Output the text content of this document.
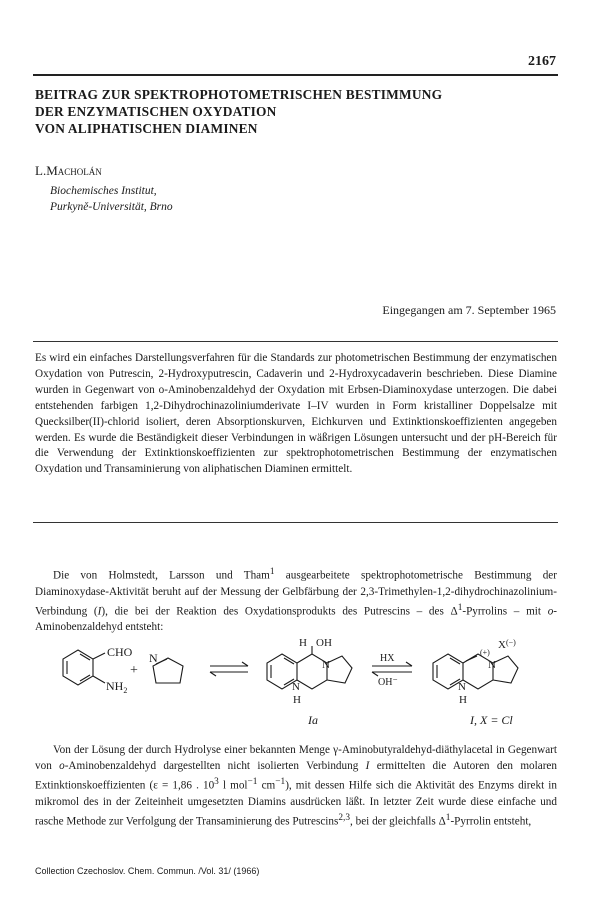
2167
BEITRAG ZUR SPEKTROPHOTOMETRISCHEN BESTIMMUNG
DER ENZYMATISCHEN OXYDATION
VON ALIPHATISCHEN DIAMINEN
L.Macholán
Biochemisches Institut,
Purkyně-Universität, Brno
Eingegangen am 7. September 1965
Es wird ein einfaches Darstellungsverfahren für die Standards zur photometrischen Bestimmung der enzymatischen Oxydation von Putrescin, 2-Hydroxyputrescin, Cadaverin und 2-Hydroxycadaverin beschrieben. Diese Diamine wurden in Gegenwart von o-Aminobenzaldehyd der Oxydation mit Erbsen-Diaminoxydase unterzogen. Die dabei entstehenden farbigen 1,2-Dihydrochinazoliniumderivate I–IV wurden in Form kristalliner Doppelsalze mit Quecksilber(II)-chlorid isoliert, deren Absorptionskurven, Eichkurven und Extinktionskoeffizienten angegeben werden. Es wurde die Beständigkeit dieser Verbindungen in wäßrigen Lösungen untersucht und der pH-Bereich für die Verwendung der Extinktionskoeffizienten zur spektrophotometrischen Bestimmung der enzymatischen Oxydation und Transaminierung von aliphatischen Diaminen ermittelt.
Die von Holmstedt, Larsson und Tham$^1$ ausgearbeitete spektrophotometrische Bestimmung der Diaminoxydase-Aktivität beruht auf der Messung der Gelbfärbung der 2,3-Trimethylen-1,2-dihydrochinazolinium-Verbindung (I), die bei der Reaktion des Oxydationsprodukts des Putrescins – des $\Delta^1$-Pyrrolins – mit o-Aminobenzaldehyd entsteht:
CHO
$NH_2$
+
N
H OH
N
N
H
HX
OH⁻
N
(+)
X(−)
N
H
Ia	I, X = Cl
Von der Lösung der durch Hydrolyse einer bekannten Menge γ-Aminobutyraldehyd-diäthylacetal in Gegenwart von o-Aminobenzaldehyd dargestellten nicht isolierten Verbindung I ermittelten die Autoren den molaren Extinktionskoeffizienten (ε = 1,86 . $10^3$ l mol$^{-1}$ $cm^{-1}$), mit dessen Hilfe sich die Aktivität des Enzyms direkt in mikromol des in der Zeiteinheit umgesetzten Diamins ausdrücken läßt. In letzter Zeit wurde diese einfache und rasche Methode zur Verfolgung der Transaminierung des Putrescins$^{2,3}$, bei der gleichfalls $\Delta^1$-Pyrrolin entsteht,
Collection Czechoslov. Chem. Commun. /Vol. 31/ (1966)
